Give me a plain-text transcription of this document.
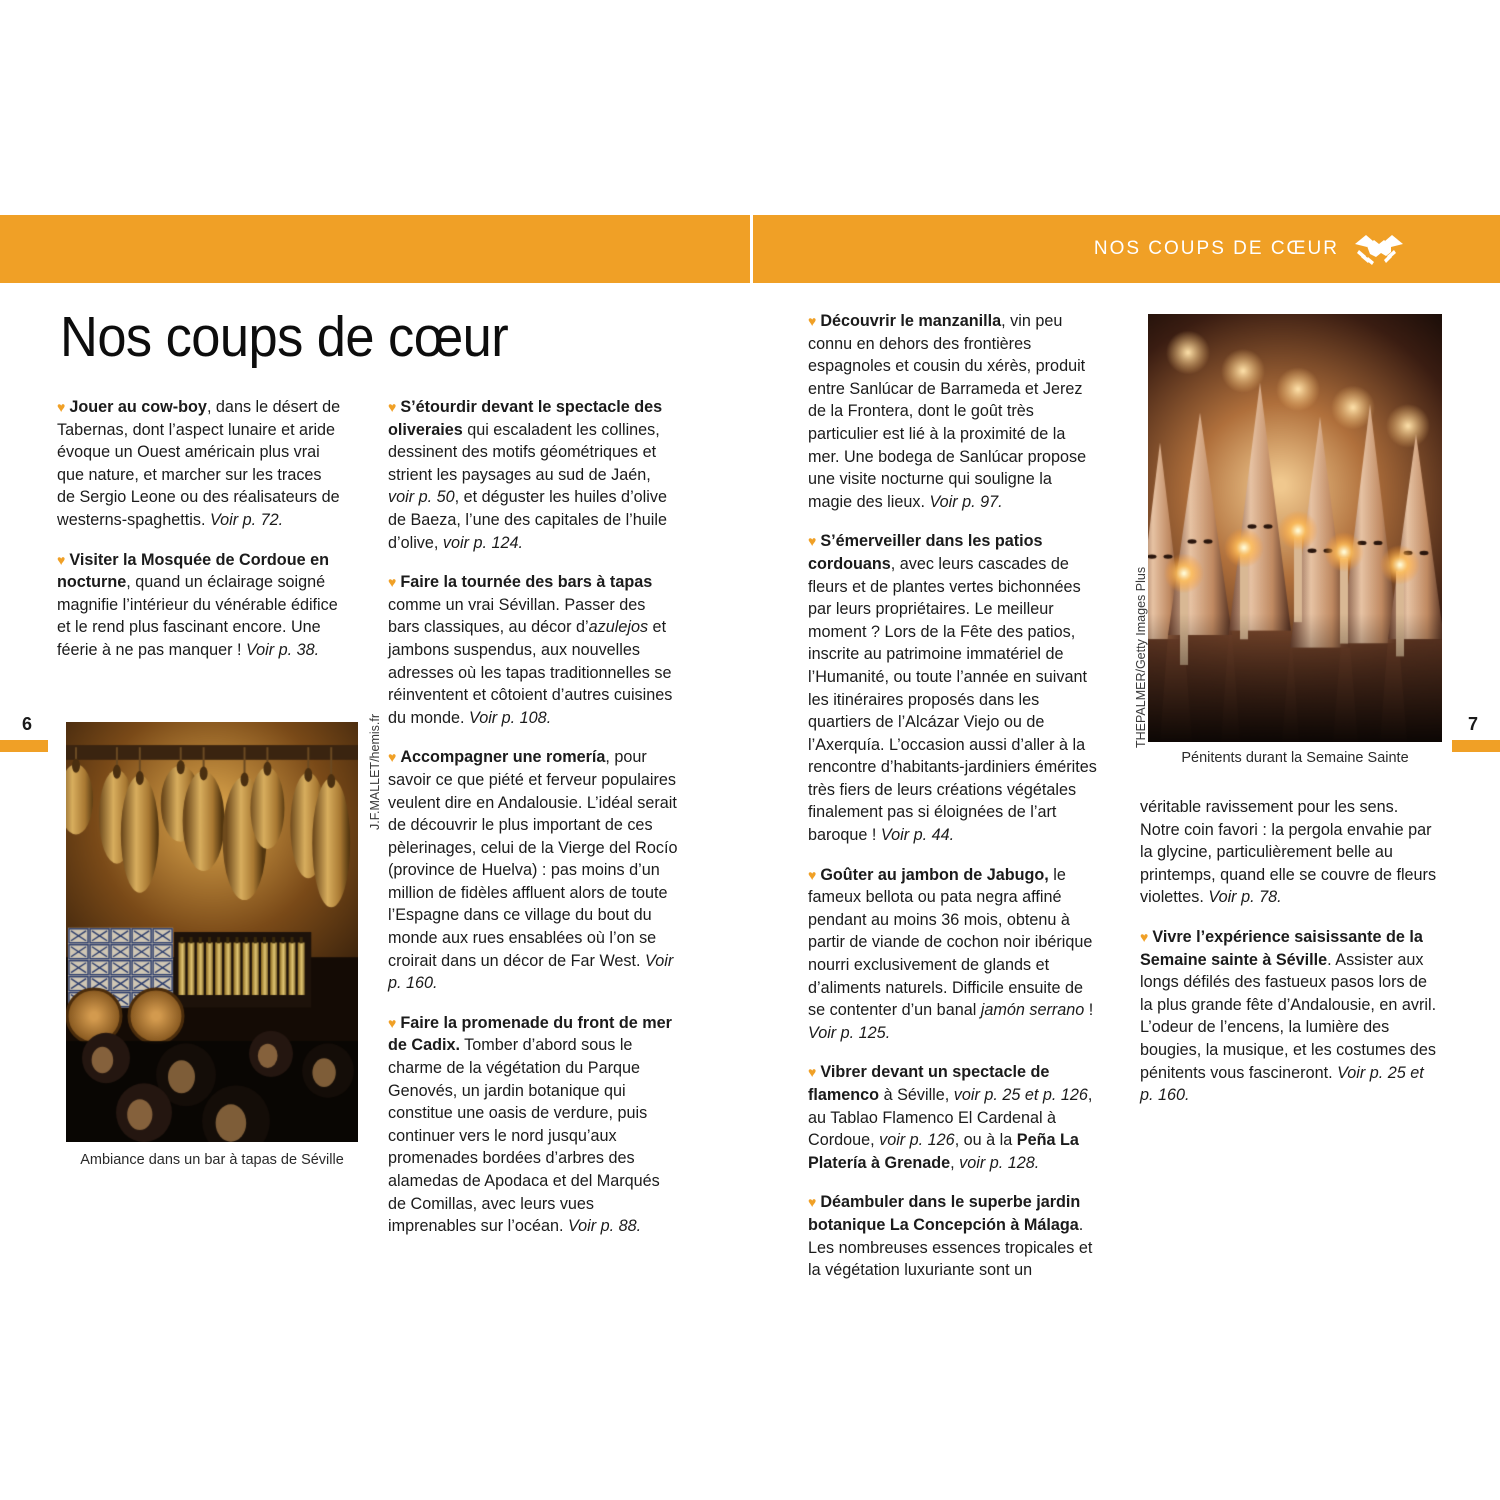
NOS COUPS DE CŒUR
6	7
Nos coups de cœur

♥ Jouer au cow-boy, dans le désert de Tabernas, dont l’aspect lunaire et aride évoque un Ouest américain plus vrai que nature, et marcher sur les traces de Sergio Leone ou des réalisateurs de westerns-spaghettis. Voir p. 72.

♥ Visiter la Mosquée de Cordoue en nocturne, quand un éclairage soigné magnifie l’intérieur du vénérable édifice et le rend plus fascinant encore. Une féerie à ne pas manquer ! Voir p. 38.

♥ S’étourdir devant le spectacle des oliveraies qui escaladent les collines, dessinent des motifs géométriques et strient les paysages au sud de Jaén, voir p. 50, et déguster les huiles d’olive de Baeza, l’une des capitales de l’huile d’olive, voir p. 124.

♥ Faire la tournée des bars à tapas comme un vrai Sévillan. Passer des bars classiques, au décor d’azulejos et jambons suspendus, aux nouvelles adresses où les tapas traditionnelles se réinventent et côtoient d’autres cuisines du monde. Voir p. 108.

♥ Accompagner une romería, pour savoir ce que piété et ferveur populaires veulent dire en Andalousie. L’idéal serait de découvrir le plus important de ces pèlerinages, celui de la Vierge del Rocío (province de Huelva) : pas moins d’un million de fidèles affluent alors de toute l’Espagne dans ce village du bout du monde aux rues ensablées où l’on se croirait dans un décor de Far West. Voir p. 160.

♥ Faire la promenade du front de mer de Cadix. Tomber d’abord sous le charme de la végétation du Parque Genovés, un jardin botanique qui constitue une oasis de verdure, puis continuer vers le nord jusqu’aux promenades bordées d’arbres des alamedas de Apodaca et del Marqués de Comillas, avec leurs vues imprenables sur l’océan. Voir p. 88.

♥ Découvrir le manzanilla, vin peu connu en dehors des frontières espagnoles et cousin du xérès, produit entre Sanlúcar de Barrameda et Jerez de la Frontera, dont le goût très particulier est lié à la proximité de la mer. Une bodega de Sanlúcar propose une visite nocturne qui souligne la magie des lieux. Voir p. 97.

♥ S’émerveiller dans les patios cordouans, avec leurs cascades de fleurs et de plantes vertes bichonnées par leurs propriétaires. Le meilleur moment ? Lors de la Fête des patios, inscrite au patrimoine immatériel de l’Humanité, ou toute l’année en suivant les itinéraires proposés dans les quartiers de l’Alcázar Viejo ou de l’Axerquía. L’occasion aussi d’aller à la rencontre d’habitants-jardiniers émérites très fiers de leurs créations végétales finalement pas si éloignées de l’art baroque ! Voir p. 44.

♥ Goûter au jambon de Jabugo, le fameux bellota ou pata negra affiné pendant au moins 36 mois, obtenu à partir de viande de cochon noir ibérique nourri exclusivement de glands et d’aliments naturels. Difficile ensuite de se contenter d’un banal jamón serrano ! Voir p. 125.

♥ Vibrer devant un spectacle de flamenco à Séville, voir p. 25 et p. 126, au Tablao Flamenco El Cardenal à Cordoue, voir p. 126, ou à la Peña La Platería à Grenade, voir p. 128.

♥ Déambuler dans le superbe jardin botanique La Concepción à Málaga. Les nombreuses essences tropicales et la végétation luxuriante sont un

véritable ravissement pour les sens. Notre coin favori : la pergola envahie par la glycine, particulièrement belle au printemps, quand elle se couvre de fleurs violettes. Voir p. 78.

♥ Vivre l’expérience saisissante de la Semaine sainte à Séville. Assister aux longs défilés des fastueux pasos lors de la plus grande fête d’Andalousie, en avril. L’odeur de l’encens, la lumière des bougies, la musique, et les costumes des pénitents vous fascineront. Voir p. 25 et p. 160.

Ambiance dans un bar à tapas de Séville
J.F.MALLET/hemis.fr	Pénitents durant la Semaine Sainte
THEPALMER/Getty Images Plus
